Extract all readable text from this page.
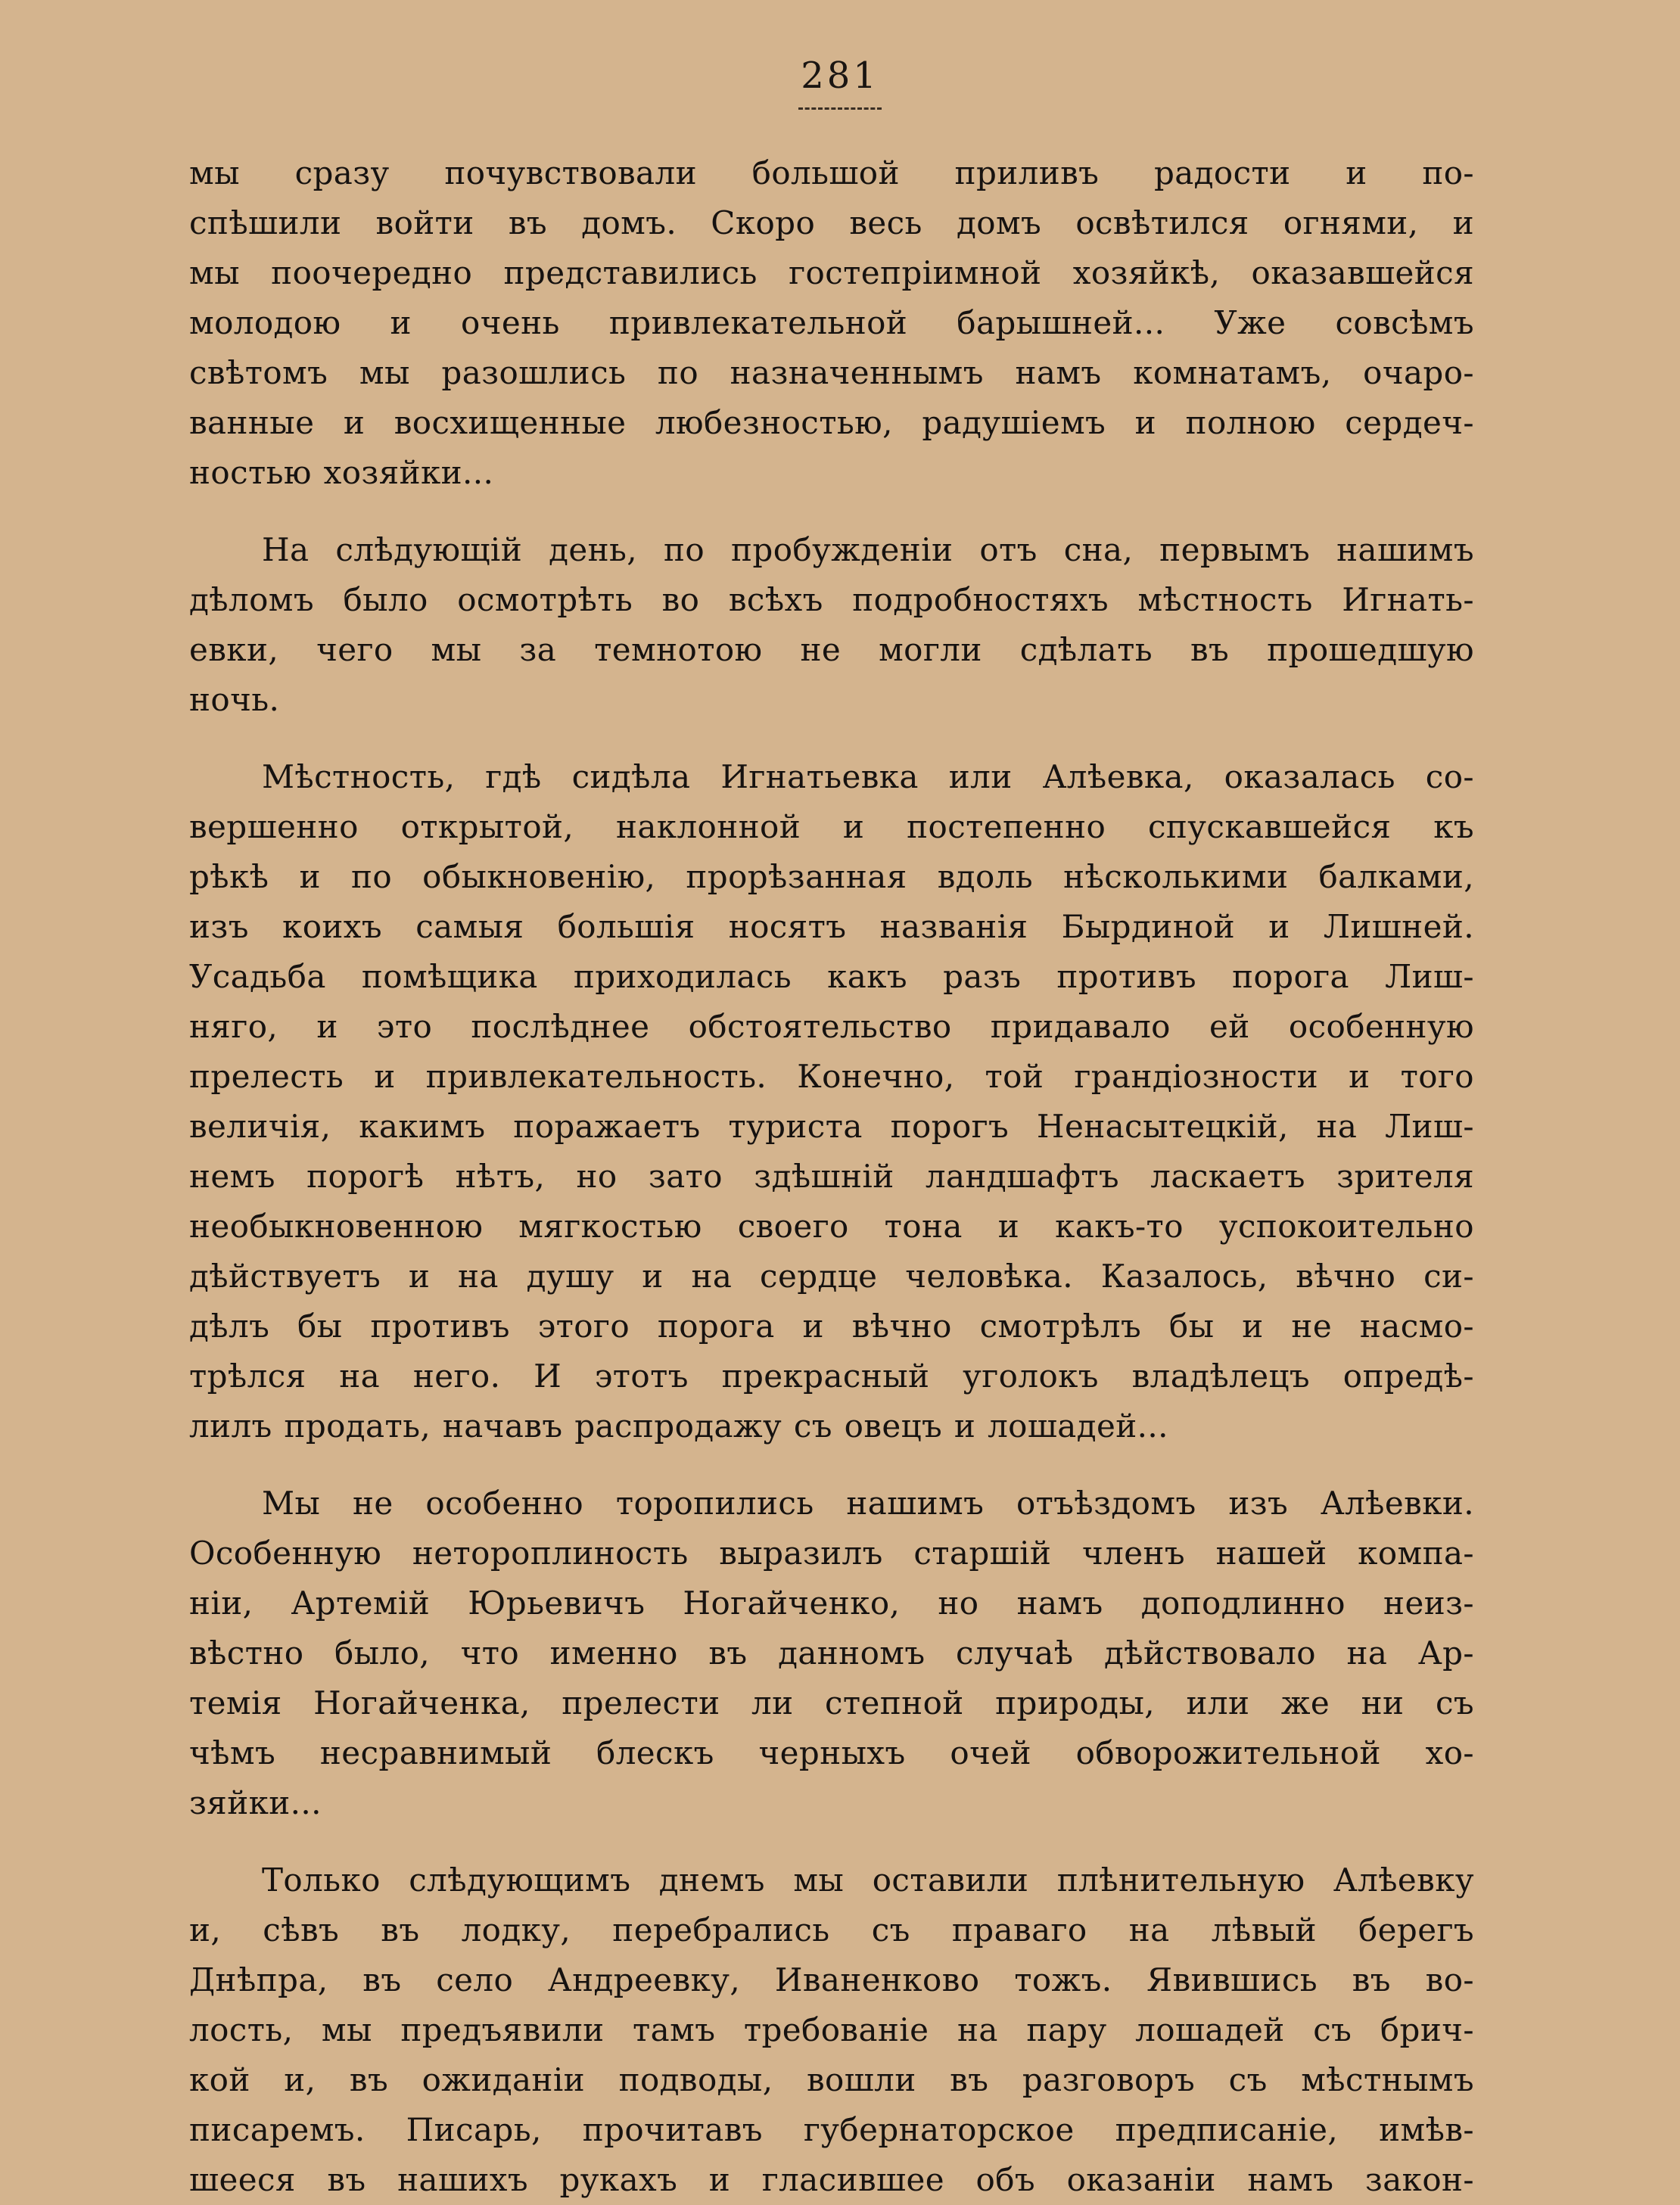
281

мы сразу почувствовали большой приливъ радости и по-
спѣшили войти въ домъ. Скоро весь домъ освѣтился огнями, и
мы поочередно представились гостепріимной хозяйкѣ, оказавшейся
молодою и очень привлекательной барышней... Уже совсѣмъ
свѣтомъ мы разошлись по назначеннымъ намъ комнатамъ, очаро-
ванные и восхищенные любезностью, радушіемъ и полною сердеч-
ностью хозяйки...

На слѣдующій день, по пробужденіи отъ сна, первымъ нашимъ
дѣломъ было осмотрѣть во всѣхъ подробностяхъ мѣстность Игнать-
евки, чего мы за темнотою не могли сдѣлать въ прошедшую
ночь.

Мѣстность, гдѣ сидѣла Игнатьевка или Алѣевка, оказалась со-
вершенно открытой, наклонной и постепенно спускавшейся къ
рѣкѣ и по обыкновенію, прорѣзанная вдоль нѣсколькими балками,
изъ коихъ самыя большія носятъ названія Бырдиной и Лишней.
Усадьба помѣщика приходилась какъ разъ противъ порога Лиш-
няго, и это послѣднее обстоятельство придавало ей особенную
прелесть и привлекательность. Конечно, той грандіозности и того
величія, какимъ поражаетъ туриста порогъ Ненасытецкій, на Лиш-
немъ порогѣ нѣтъ, но зато здѣшній ландшафтъ ласкаетъ зрителя
необыкновенною мягкостью своего тона и какъ-то успокоительно
дѣйствуетъ и на душу и на сердце человѣка. Казалось, вѣчно си-
дѣлъ бы противъ этого порога и вѣчно смотрѣлъ бы и не насмо-
трѣлся на него. И этотъ прекрасный уголокъ владѣлецъ опредѣ-
лилъ продать, начавъ распродажу съ овецъ и лошадей...

Мы не особенно торопились нашимъ отъѣздомъ изъ Алѣевки.
Особенную нетороплиность выразилъ старшій членъ нашей компа-
ніи, Артемій Юрьевичъ Ногайченко, но намъ доподлинно неиз-
вѣстно было, что именно въ данномъ случаѣ дѣйствовало на Ар-
темія Ногайченка, прелести ли степной природы, или же ни съ
чѣмъ несравнимый блескъ черныхъ очей обворожительной хо-
зяйки...

Только слѣдующимъ днемъ мы оставили плѣнительную Алѣевку
и, сѣвъ въ лодку, перебрались съ праваго на лѣвый берегъ
Днѣпра, въ село Андреевку, Иваненково тожъ. Явившись въ во-
лость, мы предъявили тамъ требованіе на пару лошадей съ брич-
кой и, въ ожиданіи подводы, вошли въ разговоръ съ мѣстнымъ
писаремъ. Писарь, прочитавъ губернаторское предписаніе, имѣв-
шееся въ нашихъ рукахъ и гласившее объ оказаніи намъ закон-
